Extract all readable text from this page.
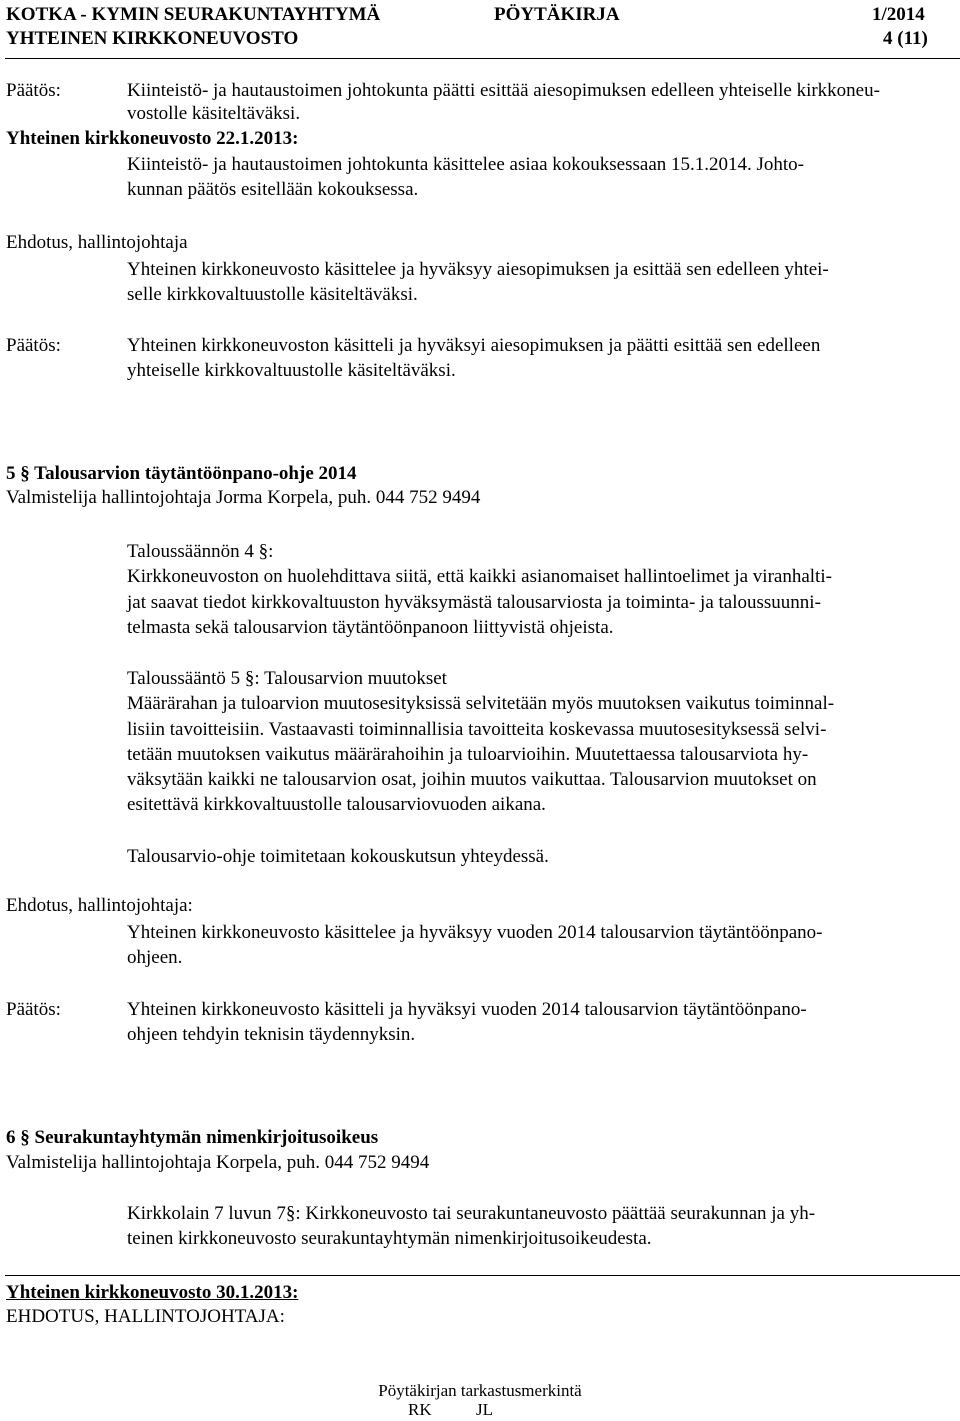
KOTKA - KYMIN SEURAKUNTAYHTYMÄ
YHTEINEN KIRKKONEUVOSTO
PÖYTÄKIRJA	1/2014
4 (11)
Päätös:	Kiinteistö- ja hautaustoimen johtokunta päätti esittää aiesopimuksen edelleen yhteiselle kirkkoneu-
vostolle käsiteltäväksi.
Yhteinen kirkkoneuvosto 22.1.2013:
Kiinteistö- ja hautaustoimen johtokunta käsittelee asiaa kokouksessaan 15.1.2014. Johto-
kunnan päätös esitellään kokouksessa.
Ehdotus, hallintojohtaja
Yhteinen kirkkoneuvosto käsittelee ja hyväksyy aiesopimuksen ja esittää sen edelleen yhtei-
selle kirkkovaltuustolle käsiteltäväksi.
Päätös:	Yhteinen kirkkoneuvoston käsitteli ja hyväksyi aiesopimuksen ja päätti esittää sen edelleen
yhteiselle kirkkovaltuustolle käsiteltäväksi.
5 § Talousarvion täytäntöönpano-ohje 2014
Valmistelija hallintojohtaja Jorma Korpela, puh. 044 752 9494
Taloussäännön 4 §:
Kirkkoneuvoston on huolehdittava siitä, että kaikki asianomaiset hallintoelimet ja viranhalti-
jat saavat tiedot kirkkovaltuuston hyväksymästä talousarviosta ja toiminta- ja taloussuunni-
telmasta sekä talousarvion täytäntöönpanoon liittyvistä ohjeista.
Taloussääntö 5 §: Talousarvion muutokset
Määrärahan ja tuloarvion muutosesityksissä selvitetään myös muutoksen vaikutus toiminnal-
lisiin tavoitteisiin. Vastaavasti toiminnallisia tavoitteita koskevassa muutosesityksessä selvi-
tetään muutoksen vaikutus määrärahoihin ja tuloarvioihin. Muutettaessa talousarviota hy-
väksytään kaikki ne talousarvion osat, joihin muutos vaikuttaa. Talousarvion muutokset on
esitettävä kirkkovaltuustolle talousarviovuoden aikana.
Talousarvio-ohje toimitetaan kokouskutsun yhteydessä.
Ehdotus, hallintojohtaja:
Yhteinen kirkkoneuvosto käsittelee ja hyväksyy vuoden 2014 talousarvion täytäntöönpano-
ohjeen.
Päätös:	Yhteinen kirkkoneuvosto käsitteli ja hyväksyi vuoden 2014 talousarvion täytäntöönpano-
ohjeen tehdyin teknisin täydennyksin.
6 § Seurakuntayhtymän nimenkirjoitusoikeus
Valmistelija hallintojohtaja Korpela, puh. 044 752 9494
Kirkkolain 7 luvun 7§: Kirkkoneuvosto tai seurakuntaneuvosto päättää seurakunnan ja yh-
teinen kirkkoneuvosto seurakuntayhtymän nimenkirjoitusoikeudesta.
Yhteinen kirkkoneuvosto 30.1.2013:
EHDOTUS, HALLINTOJOHTAJA:
Pöytäkirjan tarkastusmerkintä
RK	JL
